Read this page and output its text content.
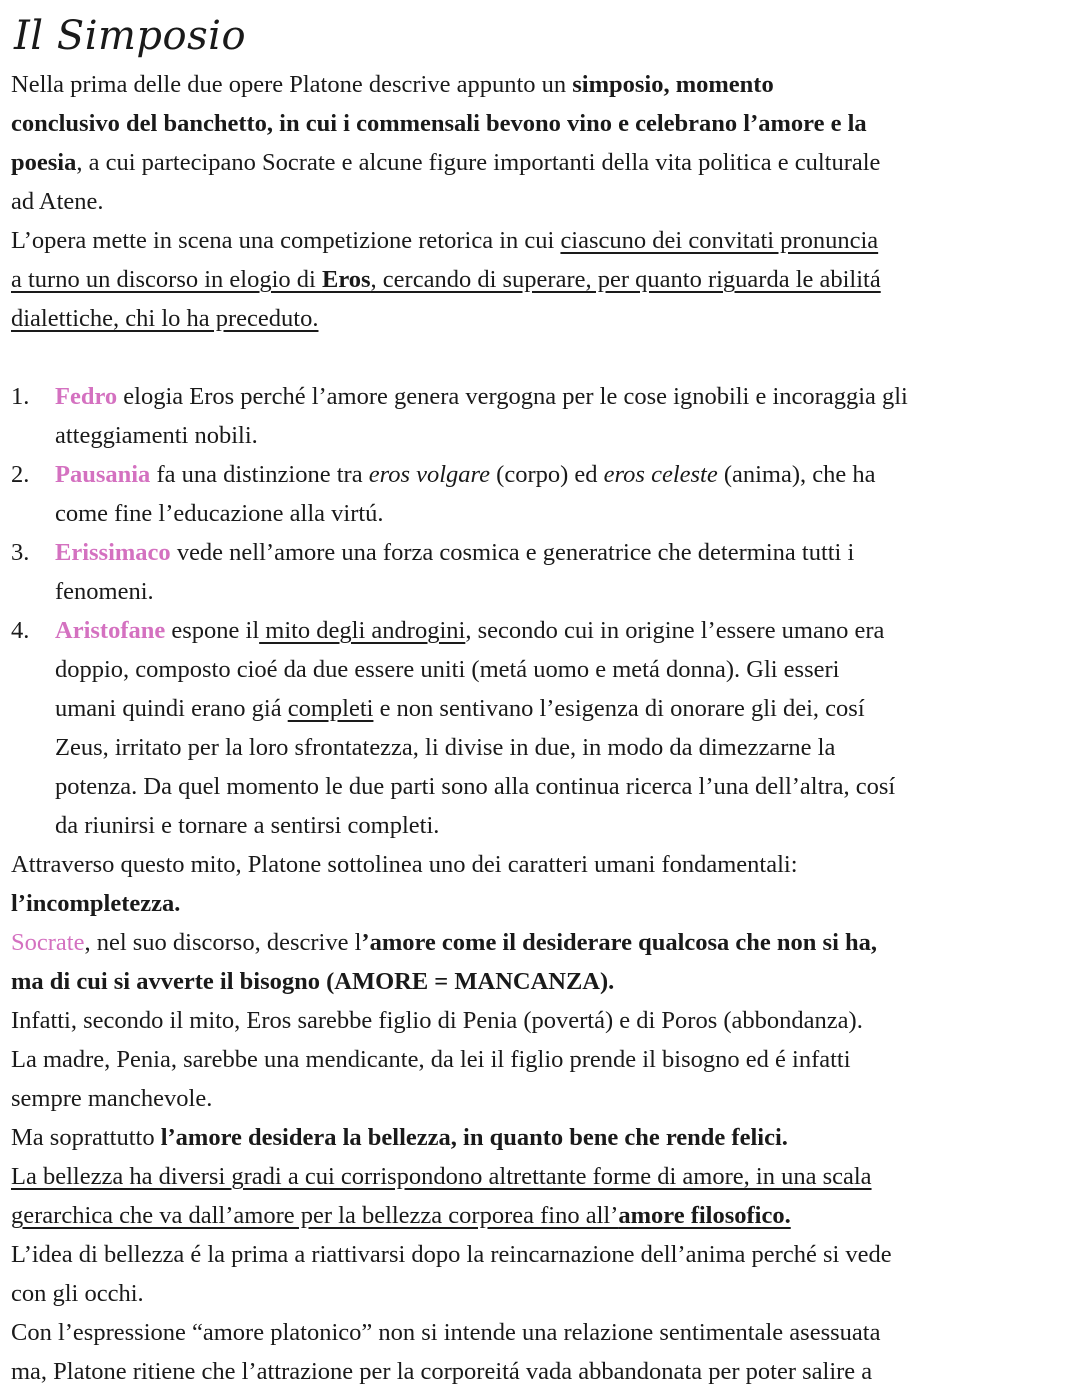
Il Simposio

Nella prima delle due opere Platone descrive appunto un simposio, momento

conclusivo del banchetto, in cui i commensali bevono vino e celebrano l’amore e la

poesia, a cui partecipano Socrate e alcune figure importanti della vita politica e culturale

ad Atene.

L’opera mette in scena una competizione retorica in cui ciascuno dei convitati pronuncia

a turno un discorso in elogio di Eros, cercando di superare, per quanto riguarda le abilitá

dialettiche, chi lo ha preceduto.

1. Fedro elogia Eros perché l’amore genera vergogna per le cose ignobili e incoraggia gli

atteggiamenti nobili.

2. Pausania fa una distinzione tra eros volgare (corpo) ed eros celeste (anima), che ha

come fine l’educazione alla virtú.

3. Erissimaco vede nell’amore una forza cosmica e generatrice che determina tutti i

fenomeni.

4. Aristofane espone il mito degli androgini, secondo cui in origine l’essere umano era

doppio, composto cioé da due essere uniti (metá uomo e metá donna). Gli esseri

umani quindi erano giá completi e non sentivano l’esigenza di onorare gli dei, cosí

Zeus, irritato per la loro sfrontatezza, li divise in due, in modo da dimezzarne la

potenza. Da quel momento le due parti sono alla continua ricerca l’una dell’altra, cosí

da riunirsi e tornare a sentirsi completi.

Attraverso questo mito, Platone sottolinea uno dei caratteri umani fondamentali:

l’incompletezza.

Socrate, nel suo discorso, descrive l’amore come il desiderare qualcosa che non si ha,

ma di cui si avverte il bisogno (AMORE = MANCANZA).

Infatti, secondo il mito, Eros sarebbe figlio di Penia (povertá) e di Poros (abbondanza).

La madre, Penia, sarebbe una mendicante, da lei il figlio prende il bisogno ed é infatti

sempre manchevole.

Ma soprattutto l’amore desidera la bellezza, in quanto bene che rende felici.

La bellezza ha diversi gradi a cui corrispondono altrettante forme di amore, in una scala

gerarchica che va dall’amore per la bellezza corporea fino all’amore filosofico.

L’idea di bellezza é la prima a riattivarsi dopo la reincarnazione dell’anima perché si vede

con gli occhi.

Con l’espressione “amore platonico” non si intende una relazione sentimentale asessuata

ma, Platone ritiene che l’attrazione per la corporeitá vada abbandonata per poter salire a
